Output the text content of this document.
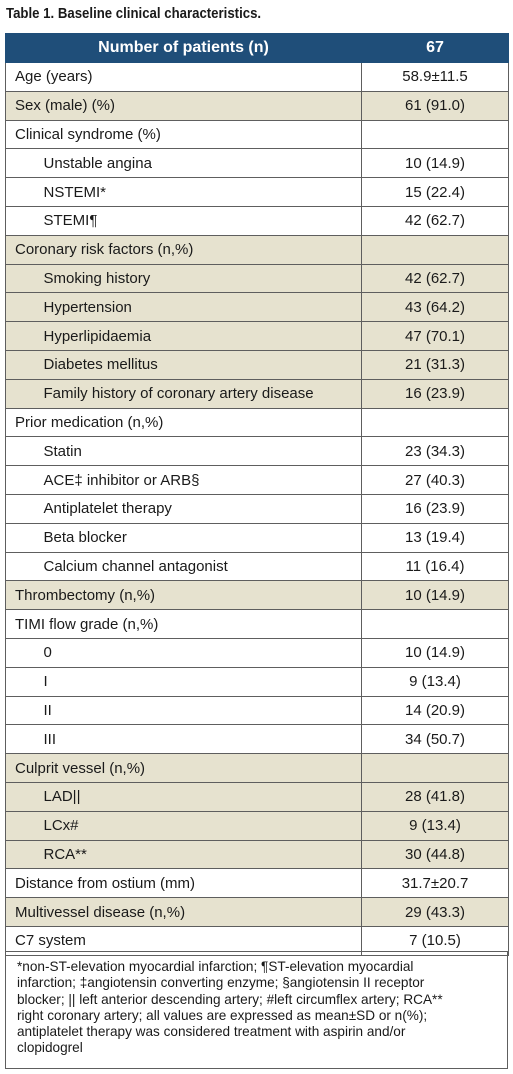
Table 1. Baseline clinical characteristics.
Number of patients (n)		67
Age (years)		58.9±11.5
Sex (male) (%)		61 (91.0)
Clinical syndrome (%)		
	Unstable angina	10 (14.9)
	NSTEMI*	15 (22.4)
	STEMI¶	42 (62.7)
Coronary risk factors (n,%)		
	Smoking history	42 (62.7)
	Hypertension	43 (64.2)
	Hyperlipidaemia	47 (70.1)
	Diabetes mellitus	21 (31.3)
	Family history of coronary artery disease	16 (23.9)
Prior medication (n,%)		
	Statin	23 (34.3)
	ACE‡ inhibitor or ARB§	27 (40.3)
	Antiplatelet therapy	16 (23.9)
	Beta blocker	13 (19.4)
	Calcium channel antagonist	11 (16.4)
Thrombectomy (n,%)		10 (14.9)
TIMI flow grade (n,%)		
	0	10 (14.9)
	I	9 (13.4)
	II	14 (20.9)
	III	34 (50.7)
Culprit vessel (n,%)		
	LAD||	28 (41.8)
	LCx#	9 (13.4)
	RCA**	30 (44.8)
Distance from ostium (mm)		31.7±20.7
Multivessel disease (n,%)		29 (43.3)
C7 system		7 (10.5)
*non-ST-elevation myocardial infarction; ¶ST-elevation myocardial
infarction; ‡angiotensin converting enzyme; §angiotensin II receptor
blocker; || left anterior descending artery; #left circumflex artery; RCA**
right coronary artery; all values are expressed as mean±SD or n(%);
antiplatelet therapy was considered treatment with aspirin and/or
clopidogrel
